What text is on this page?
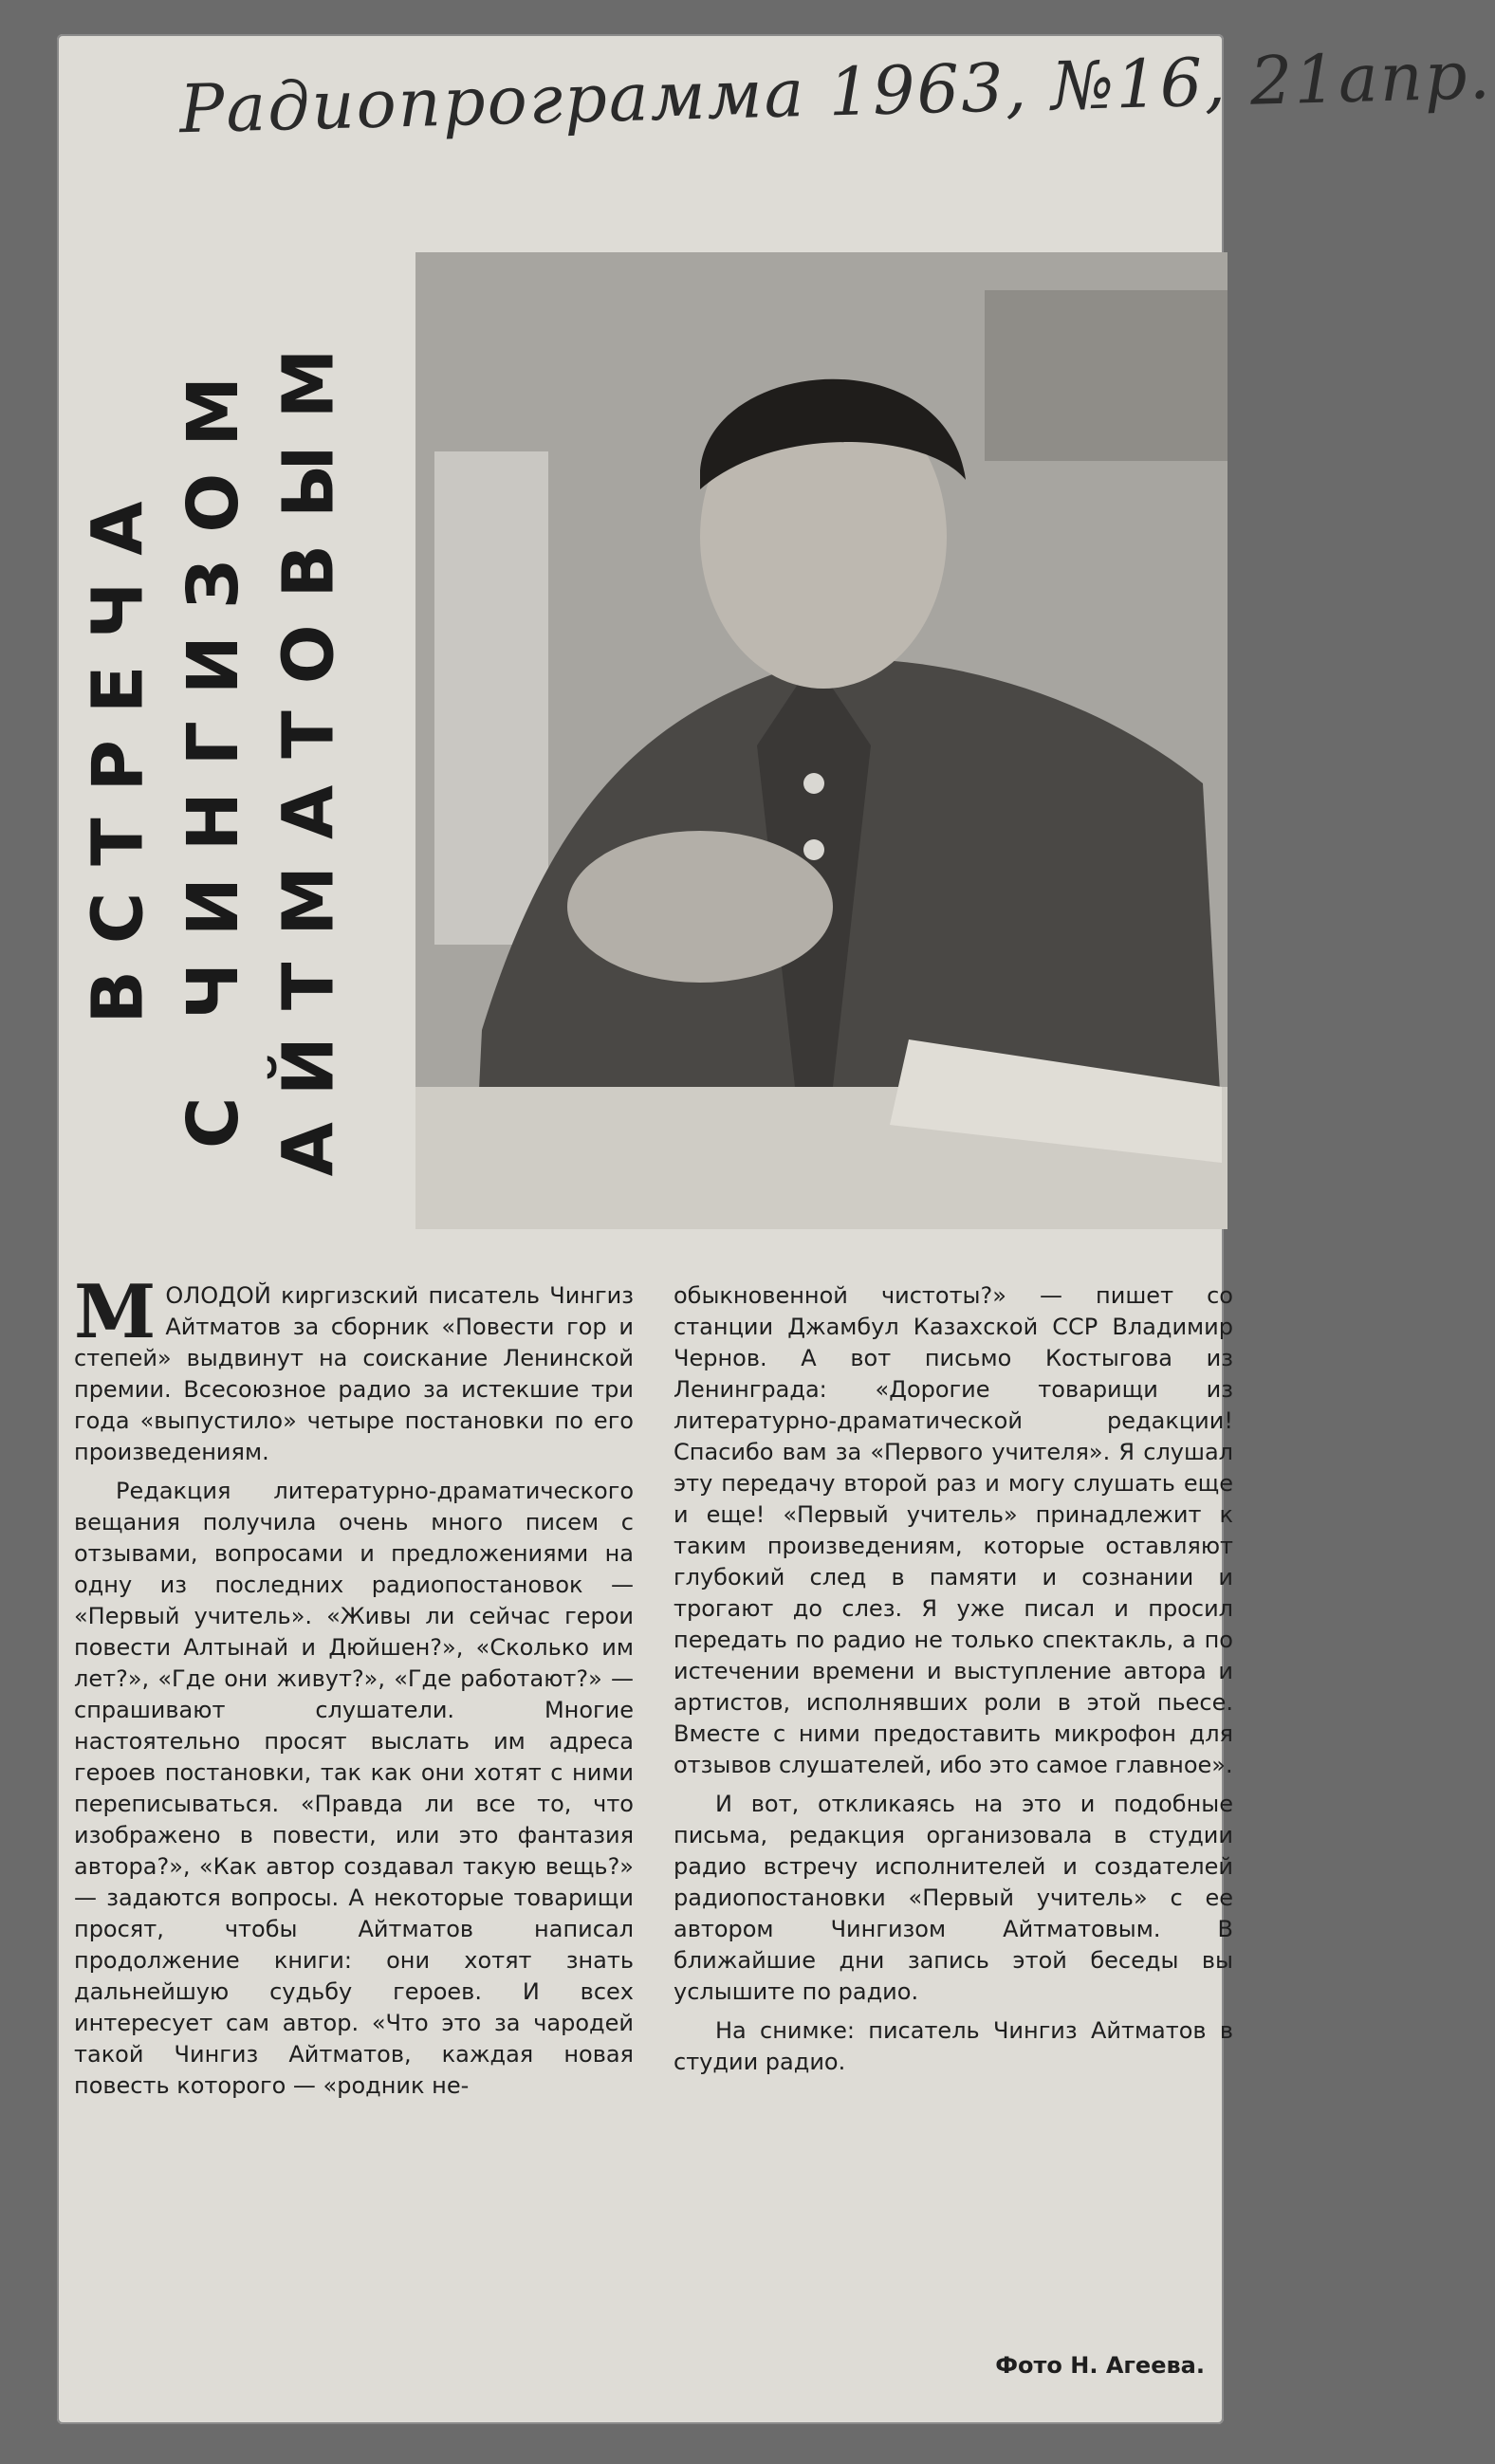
Радиопрограмма 1963, №16, 21апр.
ВСТРЕЧА С ЧИНГИЗОМ АЙТМАТОВЫМ

МОЛОДОЙ киргизский писатель Чингиз Айтматов за сборник «Повести гор и степей» выдвинут на соискание Ленинской премии. Всесоюзное радио за истекшие три года «выпустило» четыре постановки по его произведениям.

Редакция литературно-драматического вещания получила очень много писем с отзывами, вопросами и предложениями на одну из последних радиопостановок — «Первый учитель». «Живы ли сейчас герои повести Алтынай и Дюйшен?», «Сколько им лет?», «Где они живут?», «Где работают?» — спрашивают слушатели. Многие настоятельно просят выслать им адреса героев постановки, так как они хотят с ними переписываться. «Правда ли все то, что изображено в повести, или это фантазия автора?», «Как автор создавал такую вещь?» — задаются вопросы. А некоторые товарищи просят, чтобы Айтматов написал продолжение книги: они хотят знать дальнейшую судьбу героев. И всех интересует сам автор. «Что это за чародей такой Чингиз Айтматов, каждая новая повесть которого — «родник не-

обыкновенной чистоты?» — пишет со станции Джамбул Казахской ССР Владимир Чернов. А вот письмо Костыгова из Ленинграда: «Дорогие товарищи из литературно-драматической редакции! Спасибо вам за «Первого учителя». Я слушал эту передачу второй раз и могу слушать еще и еще! «Первый учитель» принадлежит к таким произведениям, которые оставляют глубокий след в памяти и сознании и трогают до слез. Я уже писал и просил передать по радио не только спектакль, а по истечении времени и выступление автора и артистов, исполнявших роли в этой пьесе. Вместе с ними предоставить микрофон для отзывов слушателей, ибо это самое главное».

И вот, откликаясь на это и подобные письма, редакция организовала в студии радио встречу исполнителей и создателей радиопостановки «Первый учитель» с ее автором Чингизом Айтматовым. В ближайшие дни запись этой беседы вы услышите по радио.

На снимке: писатель Чингиз Айтматов в студии радио.

Фото Н. Агеева.
